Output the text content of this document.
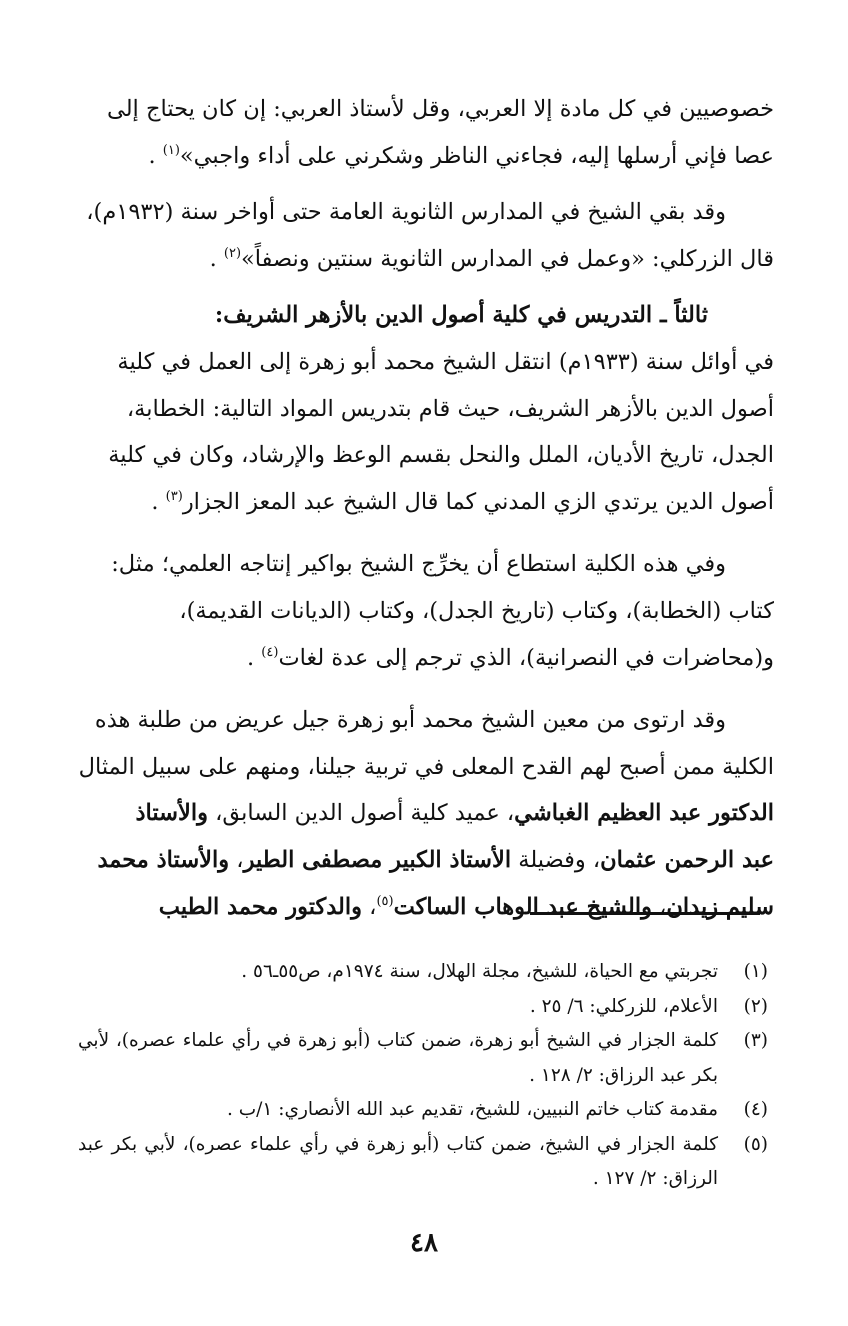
خصوصيين في كل مادة إلا العربي، وقل لأستاذ العربي: إن كان يحتاج إلى

عصا فإني أرسلها إليه، فجاءني الناظر وشكرني على أداء واجبي»$^{(١)}$ .

وقد بقي الشيخ في المدارس الثانوية العامة حتى أواخر سنة (١٩٣٢م)،

قال الزركلي: «وعمل في المدارس الثانوية سنتين ونصفاً»$^{(٢)}$ .

ثالثاً ـ التدريس في كلية أصول الدين بالأزهر الشريف:

في أوائل سنة (١٩٣٣م) انتقل الشيخ محمد أبو زهرة إلى العمل في كلية

أصول الدين بالأزهر الشريف، حيث قام بتدريس المواد التالية: الخطابة،

الجدل، تاريخ الأديان، الملل والنحل بقسم الوعظ والإرشاد، وكان في كلية

أصول الدين يرتدي الزي المدني كما قال الشيخ عبد المعز الجزار$^{(٣)}$ .

وفي هذه الكلية استطاع أن يخرِّج الشيخ بواكير إنتاجه العلمي؛ مثل:

كتاب (الخطابة)، وكتاب (تاريخ الجدل)، وكتاب (الديانات القديمة)،

و(محاضرات في النصرانية)، الذي ترجم إلى عدة لغات$^{(٤)}$ .

وقد ارتوى من معين الشيخ محمد أبو زهرة جيل عريض من طلبة هذه

الكلية ممن أصبح لهم القدح المعلى في تربية جيلنا، ومنهم على سبيل المثال

الدكتور عبد العظيم الغباشي، عميد كلية أصول الدين السابق، والأستاذ

عبد الرحمن عثمان، وفضيلة الأستاذ الكبير مصطفى الطير، والأستاذ محمد

سليم زيدان، والشيخ عبد الوهاب الساكت$^{(٥)}$، والدكتور محمد الطيب

(١)
تجربتي مع الحياة، للشيخ، مجلة الهلال، سنة ١٩٧٤م، ص٥٥ـ٥٦ .
(٢)
الأعلام، للزركلي: ٦/ ٢٥ .
(٣)
كلمة الجزار في الشيخ أبو زهرة، ضمن كتاب (أبو زهرة في رأي علماء عصره)، لأبي بكر عبد الرزاق: ٢/ ١٢٨ .
(٤)
مقدمة كتاب خاتم النبيين، للشيخ، تقديم عبد الله الأنصاري: ١/ب .
(٥)
كلمة الجزار في الشيخ، ضمن كتاب (أبو زهرة في رأي علماء عصره)، لأبي بكر عبد الرزاق: ٢/ ١٢٧ .
٤٨
